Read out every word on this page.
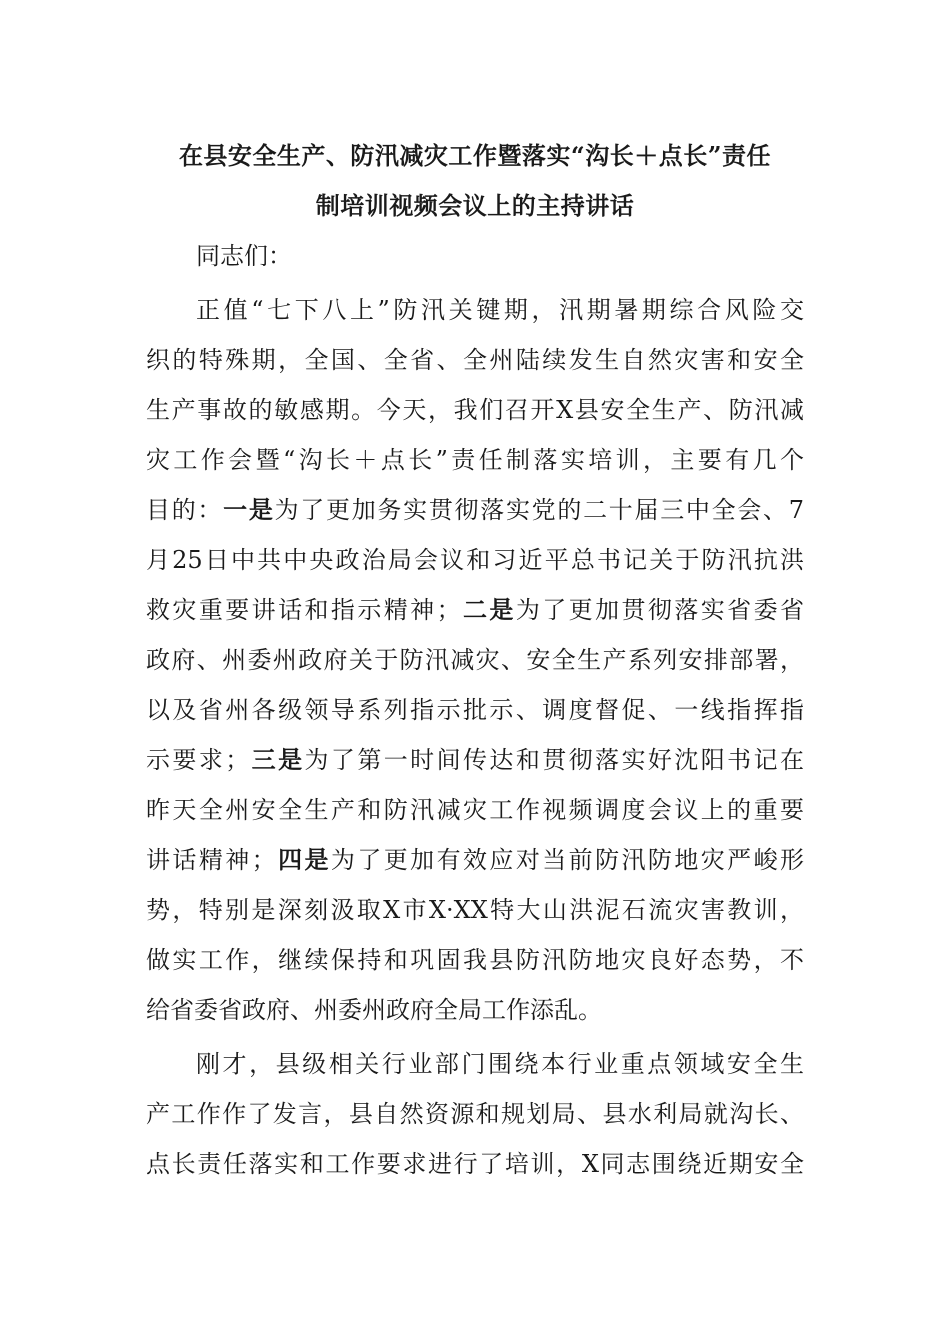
在县安全生产、防汛减灾工作暨落实“沟长＋点长”责任
制培训视频会议上的主持讲话
同志们：
正值“七下八上”防汛关键期，汛期暑期综合风险交
织的特殊期，全国、全省、全州陆续发生自然灾害和安全
生产事故的敏感期。今天，我们召开X县安全生产、防汛减
灾工作会暨“沟长＋点长”责任制落实培训，主要有几个
目的：一是为了更加务实贯彻落实党的二十届三中全会、7
月25日中共中央政治局会议和习近平总书记关于防汛抗洪
救灾重要讲话和指示精神；二是为了更加贯彻落实省委省
政府、州委州政府关于防汛减灾、安全生产系列安排部署，
以及省州各级领导系列指示批示、调度督促、一线指挥指
示要求；三是为了第一时间传达和贯彻落实好沈阳书记在
昨天全州安全生产和防汛减灾工作视频调度会议上的重要
讲话精神；四是为了更加有效应对当前防汛防地灾严峻形
势，特别是深刻汲取X市X·XX特大山洪泥石流灾害教训，
做实工作，继续保持和巩固我县防汛防地灾良好态势，不
给省委省政府、州委州政府全局工作添乱。
刚才，县级相关行业部门围绕本行业重点领域安全生
产工作作了发言，县自然资源和规划局、县水利局就沟长、
点长责任落实和工作要求进行了培训，X同志围绕近期安全
